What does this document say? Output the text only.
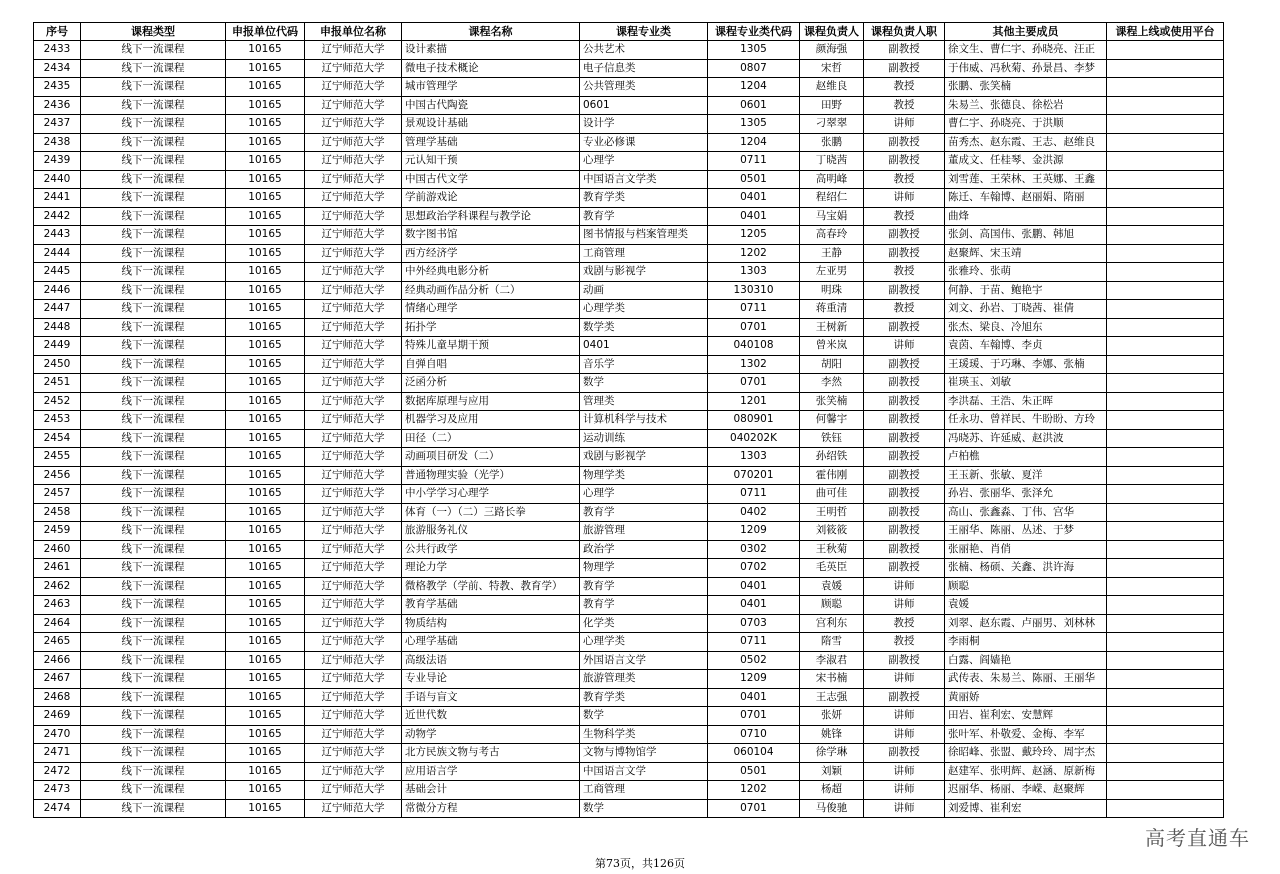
序号	课程类型	申报单位代码	申报单位名称	课程名称	课程专业类	课程专业类代码	课程负责人	课程负责人职	其他主要成员	课程上线或使用平台
2433	线下一流课程	10165	辽宁师范大学	设计素描	公共艺术	1305	颜海强	副教授	徐文生、曹仁宇、孙晓亮、汪正	
2434	线下一流课程	10165	辽宁师范大学	微电子技术概论	电子信息类	0807	宋哲	副教授	于伟威、冯秋菊、孙景昌、李梦	
2435	线下一流课程	10165	辽宁师范大学	城市管理学	公共管理类	1204	赵维良	教授	张鹏、张笑楠	
2436	线下一流课程	10165	辽宁师范大学	中国古代陶瓷	0601	0601	田野	教授	朱易兰、张德良、徐松岩	
2437	线下一流课程	10165	辽宁师范大学	景观设计基础	设计学	1305	刁翠翠	讲师	曹仁宇、孙晓亮、于洪顺	
2438	线下一流课程	10165	辽宁师范大学	管理学基础	专业必修课	1204	张鹏	副教授	苗秀杰、赵东霞、王志、赵维良	
2439	线下一流课程	10165	辽宁师范大学	元认知干预	心理学	0711	丁晓茜	副教授	董成文、任桂琴、金洪源	
2440	线下一流课程	10165	辽宁师范大学	中国古代文学	中国语言文学类	0501	高明峰	教授	刘雪莲、王荣林、王英娜、王鑫	
2441	线下一流课程	10165	辽宁师范大学	学前游戏论	教育学类	0401	程绍仁	讲师	陈迁、车翰博、赵丽娟、隋丽	
2442	线下一流课程	10165	辽宁师范大学	思想政治学科课程与教学论	教育学	0401	马宝娟	教授	曲烽	
2443	线下一流课程	10165	辽宁师范大学	数字图书馆	图书情报与档案管理类	1205	高春玲	副教授	张剑、高国伟、张鹏、韩旭	
2444	线下一流课程	10165	辽宁师范大学	西方经济学	工商管理	1202	王静	副教授	赵聚辉、宋玉靖	
2445	线下一流课程	10165	辽宁师范大学	中外经典电影分析	戏剧与影视学	1303	左亚男	教授	张雅玲、张萌	
2446	线下一流课程	10165	辽宁师范大学	经典动画作品分析（二）	动画	130310	明珠	副教授	何静、于苗、鲍艳宇	
2447	线下一流课程	10165	辽宁师范大学	情绪心理学	心理学类	0711	蒋重清	教授	刘文、孙岩、丁晓茜、崔倩	
2448	线下一流课程	10165	辽宁师范大学	拓扑学	数学类	0701	王树新	副教授	张杰、梁良、冷旭东	
2449	线下一流课程	10165	辽宁师范大学	特殊儿童早期干预	0401	040108	曾米岚	讲师	袁茵、车翰博、李贞	
2450	线下一流课程	10165	辽宁师范大学	自弹自唱	音乐学	1302	胡阳	副教授	王瑗瑗、于巧琳、李娜、张楠	
2451	线下一流课程	10165	辽宁师范大学	泛函分析	数学	0701	李然	副教授	崔瑛玉、刘敏	
2452	线下一流课程	10165	辽宁师范大学	数据库原理与应用	管理类	1201	张笑楠	副教授	李洪磊、王浩、朱正晖	
2453	线下一流课程	10165	辽宁师范大学	机器学习及应用	计算机科学与技术	080901	何馨宇	副教授	任永功、曾祥民、牛盼盼、方玲	
2454	线下一流课程	10165	辽宁师范大学	田径（二）	运动训练	040202K	铁钰	副教授	冯晓苏、许延威、赵洪波	
2455	线下一流课程	10165	辽宁师范大学	动画项目研发（二）	戏剧与影视学	1303	孙绍铁	副教授	卢柏樵	
2456	线下一流课程	10165	辽宁师范大学	普通物理实验（光学）	物理学类	070201	霍伟刚	副教授	王玉新、张敏、夏洋	
2457	线下一流课程	10165	辽宁师范大学	中小学学习心理学	心理学	0711	曲可佳	副教授	孙岩、张丽华、张泽允	
2458	线下一流课程	10165	辽宁师范大学	体育（一）（二）三路长拳	教育学	0402	王明哲	副教授	高山、张鑫淼、丁伟、宫华	
2459	线下一流课程	10165	辽宁师范大学	旅游服务礼仪	旅游管理	1209	刘筱筱	副教授	王丽华、陈丽、丛述、于梦	
2460	线下一流课程	10165	辽宁师范大学	公共行政学	政治学	0302	王秋菊	副教授	张丽艳、肖俏	
2461	线下一流课程	10165	辽宁师范大学	理论力学	物理学	0702	毛英臣	副教授	张楠、杨硕、关鑫、洪许海	
2462	线下一流课程	10165	辽宁师范大学	微格教学（学前、特教、教育学）	教育学	0401	袁媛	讲师	顾聪	
2463	线下一流课程	10165	辽宁师范大学	教育学基础	教育学	0401	顾聪	讲师	袁媛	
2464	线下一流课程	10165	辽宁师范大学	物质结构	化学类	0703	宫利东	教授	刘翠、赵东霞、卢丽男、刘林林	
2465	线下一流课程	10165	辽宁师范大学	心理学基础	心理学类	0711	隋雪	教授	李雨桐	
2466	线下一流课程	10165	辽宁师范大学	高级法语	外国语言文学	0502	李淑君	副教授	白露、阎嫱艳	
2467	线下一流课程	10165	辽宁师范大学	专业导论	旅游管理类	1209	宋书楠	讲师	武传表、朱易兰、陈丽、王丽华	
2468	线下一流课程	10165	辽宁师范大学	手语与盲文	教育学类	0401	王志强	副教授	黄丽娇	
2469	线下一流课程	10165	辽宁师范大学	近世代数	数学	0701	张妍	讲师	田岩、崔利宏、安慧辉	
2470	线下一流课程	10165	辽宁师范大学	动物学	生物科学类	0710	姚锋	讲师	张叶军、朴敬爱、金梅、李军	
2471	线下一流课程	10165	辽宁师范大学	北方民族文物与考古	文物与博物馆学	060104	徐学琳	副教授	徐昭峰、张盟、戴玲玲、周宇杰	
2472	线下一流课程	10165	辽宁师范大学	应用语言学	中国语言文学	0501	刘颖	讲师	赵建军、张明辉、赵涵、原新梅	
2473	线下一流课程	10165	辽宁师范大学	基础会计	工商管理	1202	杨超	讲师	迟丽华、杨丽、李嵘、赵聚辉	
2474	线下一流课程	10165	辽宁师范大学	常微分方程	数学	0701	马俊驰	讲师	刘爱博、崔利宏	
第73页，共126页
高考直通车
